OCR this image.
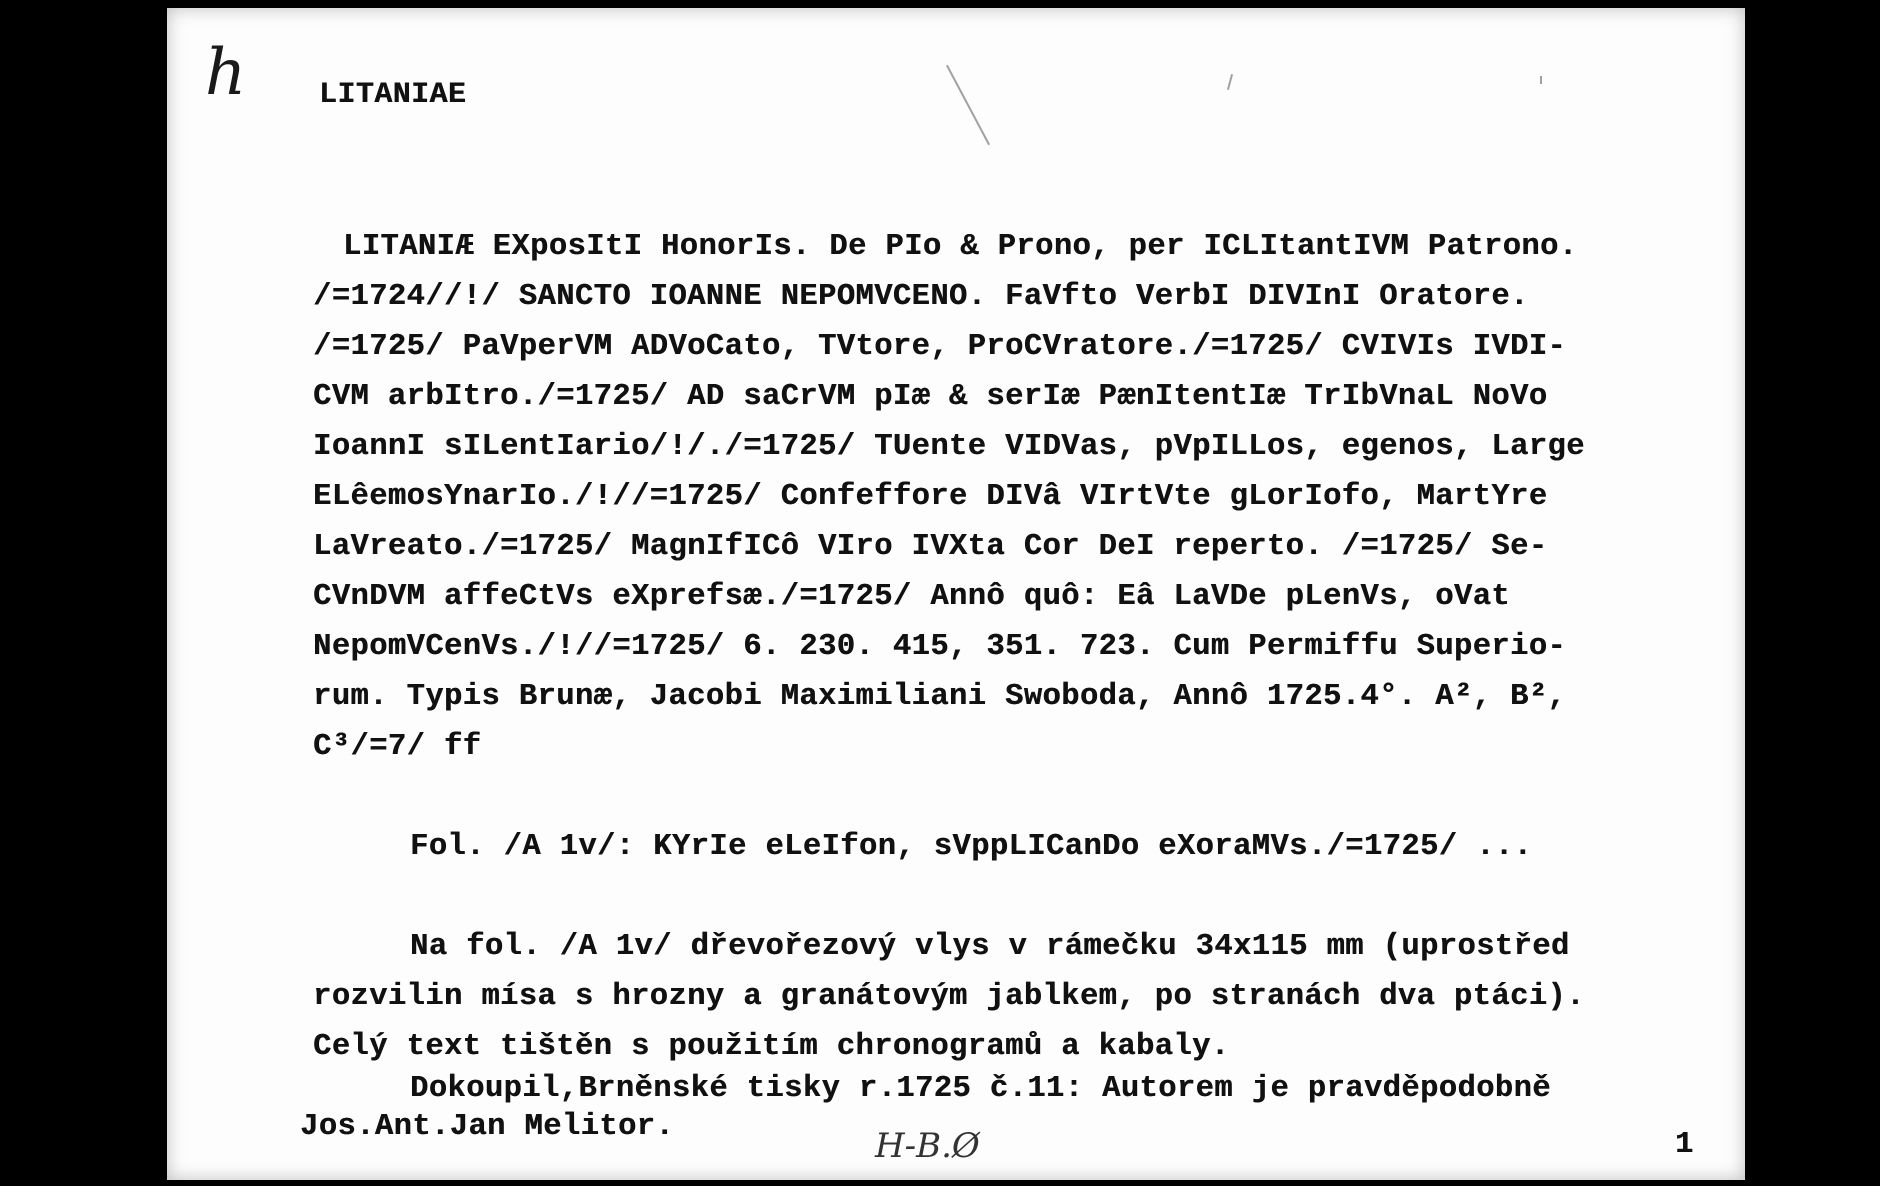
h LITANIAE
LITANIÆ EXposItI HonorIs. De PIo & Prono, per ICLItantIVM Patrono.
/=1724//!/ SANCTO IOANNE NEPOMVCENO. FaVfto VerbI DIVInI Oratore.
/=1725/ PaVperVM ADVoCato, TVtore, ProCVratore./=1725/ CVIVIs IVDI-
CVM arbItro./=1725/ AD saCrVM pIæ & serIæ PænItentIæ TrIbVnaL NoVo
IoannI sILentIario/!/./=1725/ TUente VIDVas, pVpILLos, egenos, Large
ELêemosYnarIo./!//=1725/ Confeffore DIVâ VIrtVte gLorIofo, MartYre
LaVreato./=1725/ MagnIfICô VIro IVXta Cor DeI reperto. /=1725/ Se-
CVnDVM affeCtVs eXprefsæ./=1725/ Annô quô: Eâ LaVDe pLenVs, oVat
NepomVCenVs./!//=1725/ 6. 230. 415, 351. 723. Cum Permiffu Superio-
rum. Typis Brunæ, Jacobi Maximiliani Swoboda, Annô 1725.4°. A², B²,
C³/=7/ ff
Fol. /A 1v/: KYrIe eLeIfon, sVppLICanDo eXoraMVs./=1725/ ...
Na fol. /A 1v/ dřevořezový vlys v rámečku 34x115 mm (uprostřed
rozvilin mísa s hrozny a granátovým jablkem, po stranách dva ptáci).
Celý text tištěn s použitím chronogramů a kabaly.
Dokoupil,Brněnské tisky r.1725 č.11: Autorem je pravděpodobně
Jos.Ant.Jan Melitor.	H-B.Ø	1
